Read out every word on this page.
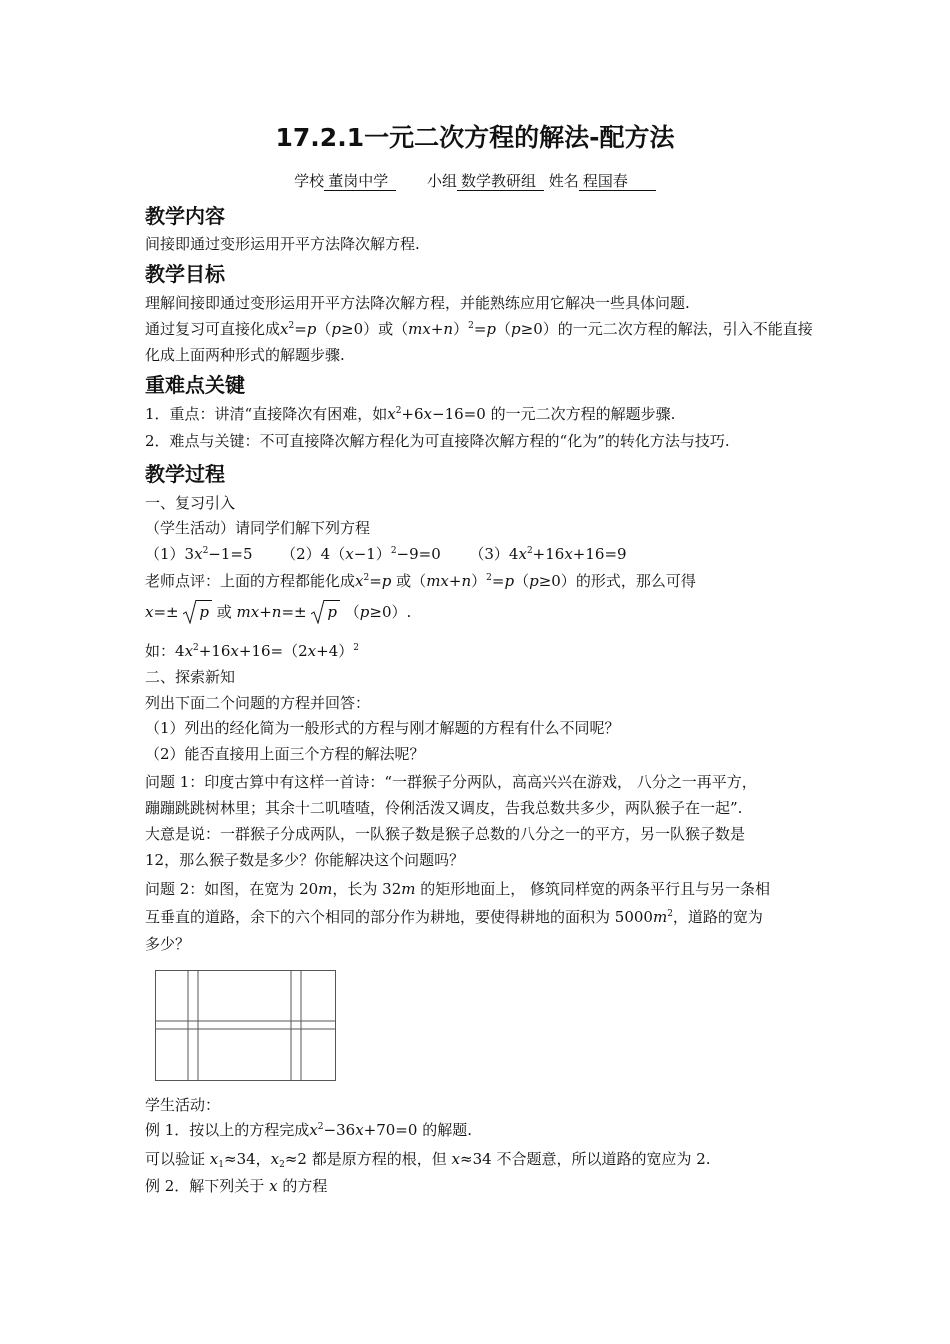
17.2.1一元二次方程的解法-配方法
学校 董岗中学	小组 数学教研组 姓名 程国春
教学内容
间接即通过变形运用开平方法降次解方程.
教学目标
理解间接即通过变形运用开平方法降次解方程，并能熟练应用它解决一些具体问题.
通过复习可直接化成$x^2=p(p\ge 0)$或$(mx+n)^2=p(p\ge 0)$的一元二次方程的解法，引入不能直接
化成上面两种形式的解题步骤.
重难点关键
1．重点：讲清“直接降次有困难，如$x^2+6x-16=0$ 的一元二次方程的解题步骤.
2．难点与关键：不可直接降次解方程化为可直接降次解方程的“化为”的转化方法与技巧.
教学过程
一、复习引入
（学生活动）请同学们解下列方程
$(1)3x^2-1=5$      $(2)4(x-1)^2-9=0$      $(3)4x^2+16x+16=9$
老师点评：上面的方程都能化成$x^2=p$ 或$(mx+n)^2=p(p\ge 0)$的形式，那么可得
x=±
p 或 mx+n=±
p （p≥0）.
如：$4x^2+16x+16=(2x+4)^2$
二、探索新知
列出下面二个问题的方程并回答：
（1）列出的经化简为一般形式的方程与刚才解题的方程有什么不同呢？
（2）能否直接用上面三个方程的解法呢？
问题 1：印度古算中有这样一首诗：“一群猴子分两队，高高兴兴在游戏， 八分之一再平方，
蹦蹦跳跳树林里；其余十二叽喳喳，伶俐活泼又调皮，告我总数共多少，两队猴子在一起”.
大意是说：一群猴子分成两队，一队猴子数是猴子总数的八分之一的平方，另一队猴子数是
12，那么猴子数是多少？你能解决这个问题吗？
问题 2：如图，在宽为 20m，长为 32m 的矩形地面上， 修筑同样宽的两条平行且与另一条相
互垂直的道路，余下的六个相同的部分作为耕地，要使得耕地的面积为 $5000m^2$，道路的宽为
多少？
学生活动：
例 1．按以上的方程完成$x^2-36x+70=0$ 的解题.
可以验证 $x_1\approx 34$，$x_2\approx 2$ 都是原方程的根，但 x≈34 不合题意，所以道路的宽应为 2.
例 2．解下列关于 x 的方程
